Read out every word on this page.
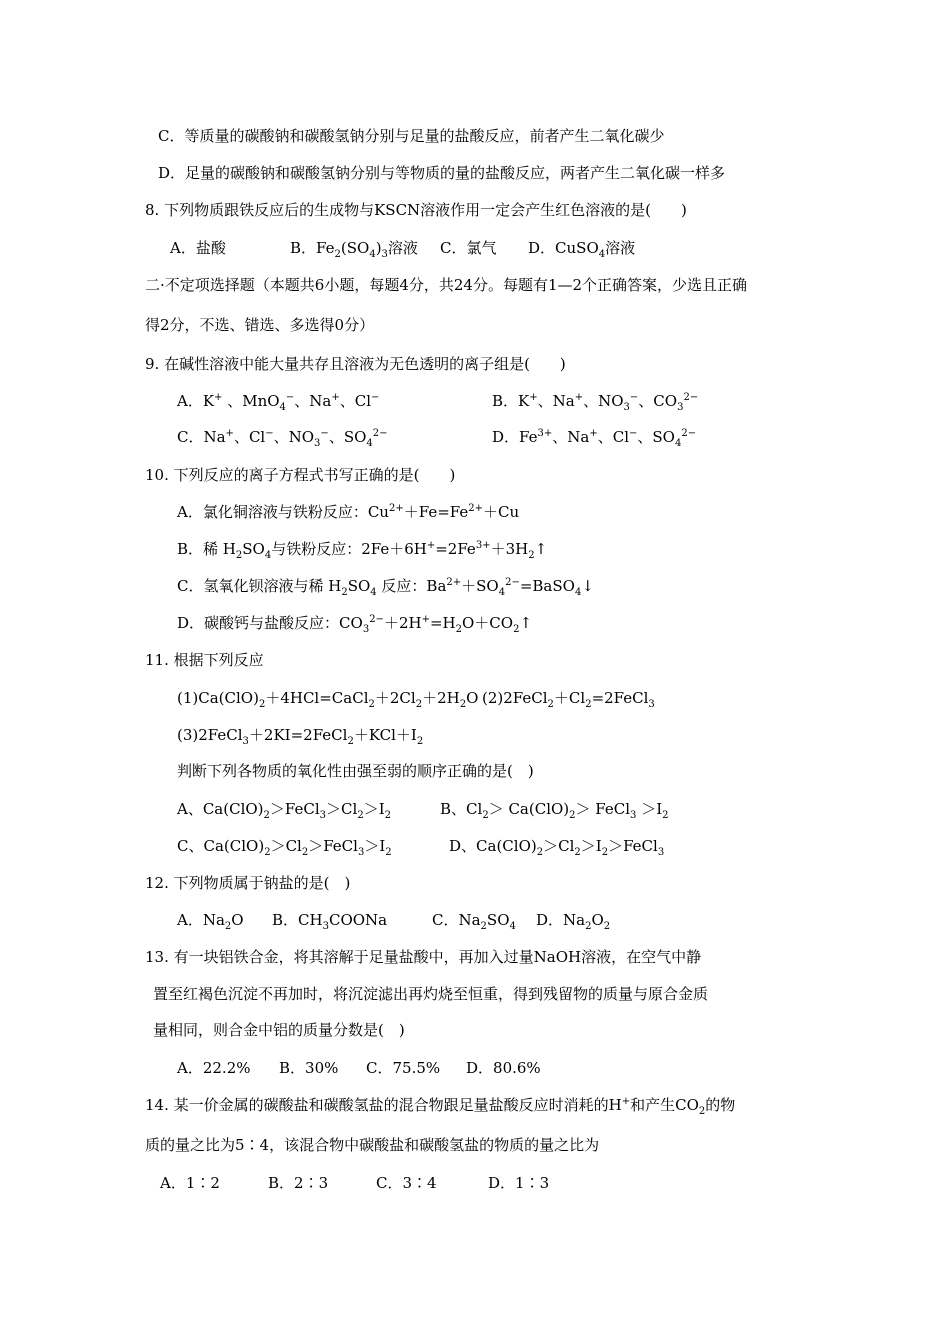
C．等质量的碳酸钠和碳酸氢钠分别与足量的盐酸反应，前者产生二氧化碳少
D．足量的碳酸钠和碳酸氢钠分别与等物质的量的盐酸反应，两者产生二氧化碳一样多
8. 下列物质跟铁反应后的生成物与KSCN溶液作用一定会产生红色溶液的是(　　)
A．盐酸	B．$Fe_2(SO_4)_3$溶液 C．氯气 D．CuSO$_4$溶液
二·不定项选择题（本题共6小题，每题4分，共24分。每题有1—2个正确答案，少选且正确
得2分，不选、错选、多选得0分）
9. 在碱性溶液中能大量共存且溶液为无色透明的离子组是(　　)
A．K+ 、MnO$_4$−、Na+、Cl−	B．K+、Na+、$NO_3^-$、$CO_3^{2-}$
C．Na+、Cl−、$NO_3^-$、$SO_4^{2-}$	D．$Fe^{3+}$、Na+、Cl−、$SO_4^{2-}$
10. 下列反应的离子方程式书写正确的是(　　)
A．氯化铜溶液与铁粉反应：$Cu^{2+}+Fe=Fe^{2+}+Cu$
B．稀 $H_2SO_4$与铁粉反应：$2Fe+6H^+=2Fe^{3+}+3H_2↑$
C．氢氧化钡溶液与稀 $H_2SO_4$ 反应：$Ba^{2+}+SO_4^{2-}=BaSO_4↓$
D．碳酸钙与盐酸反应：$CO_3^{2-}+2H^+=H_2O+CO_2↑$
11. 根据下列反应
$(1)Ca(ClO)_2+4HCl=CaCl_2+2Cl_2+2H_2O$ $(2)2FeCl_2+Cl_2=2FeCl_3$
$(3)2FeCl_3+2KI=2FeCl_2+KCl+I_2$
判断下列各物质的氧化性由强至弱的顺序正确的是(　)
A、$Ca(ClO)_2>FeCl_3>Cl_2>I_2$	B、$Cl_2> Ca(ClO)_2>$ FeCl$_3$ $>I_2$
C、$Ca(ClO)_2>Cl_2>FeCl_3>I_2$	D、$Ca(ClO)_2>Cl_2>I_2>FeCl_3$
12. 下列物质属于钠盐的是(　)
A．$Na_2O$ B．$CH_3COONa$	C．$Na_2SO_4$ D．$Na_2O_2$
13. 有一块铝铁合金，将其溶解于足量盐酸中，再加入过量NaOH溶液，在空气中静
置至红褐色沉淀不再加时，将沉淀滤出再灼烧至恒重，得到残留物的质量与原合金质
量相同，则合金中铝的质量分数是(　)
A．22.2% B．30% C．75.5% D．80.6%
14. 某一价金属的碳酸盐和碳酸氢盐的混合物跟足量盐酸反应时消耗的H+和产生$CO_2$的物
质的量之比为5∶4，该混合物中碳酸盐和碳酸氢盐的物质的量之比为
A．1∶2	B．2∶3	C．3∶4	D．1∶3
